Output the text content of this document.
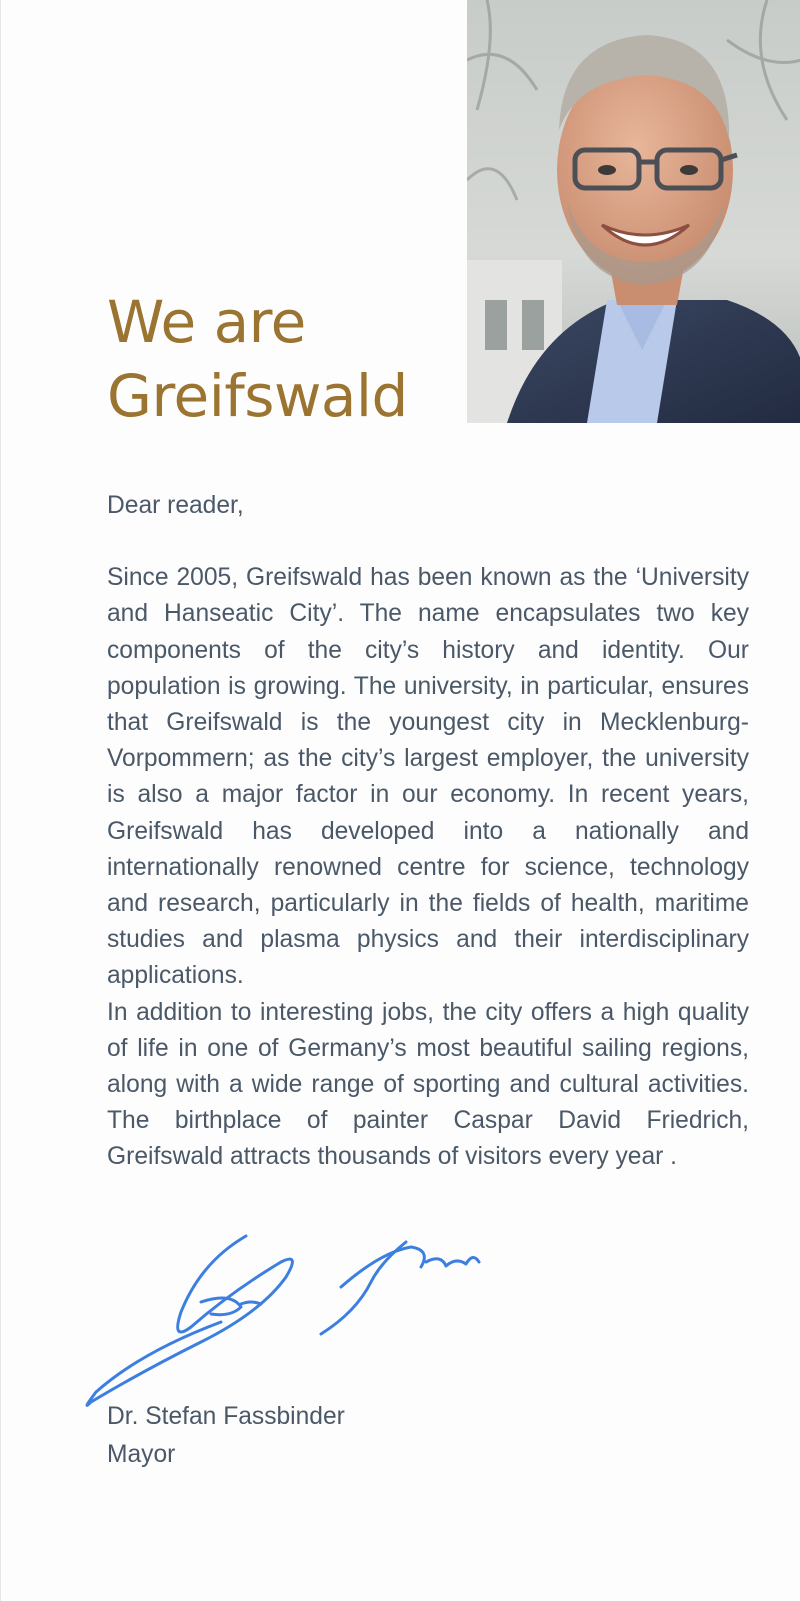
We are
Greifswald

Dear reader,

Since 2005, Greifswald has been known as the ‘University and Hanseatic City’. The name encapsulates two key components of the city’s history and identity. Our population is growing. The university, in particular, ensures that Greifswald is the youngest city in Mecklenburg-Vorpommern; as the city’s largest employer, the university is also a major factor in our economy. In recent years, Greifswald has developed into a nationally and internationally renowned centre for science, technology and research, particularly in the fields of health, maritime studies and plasma physics and their interdisciplinary applications.

In addition to interesting jobs, the city offers a high quality of life in one of Germany’s most beautiful sailing regions, along with a wide range of sporting and cultural activities. The birthplace of painter Caspar David Friedrich, Greifswald attracts thousands of visitors every year .

Dr. Stefan Fassbinder
Mayor
